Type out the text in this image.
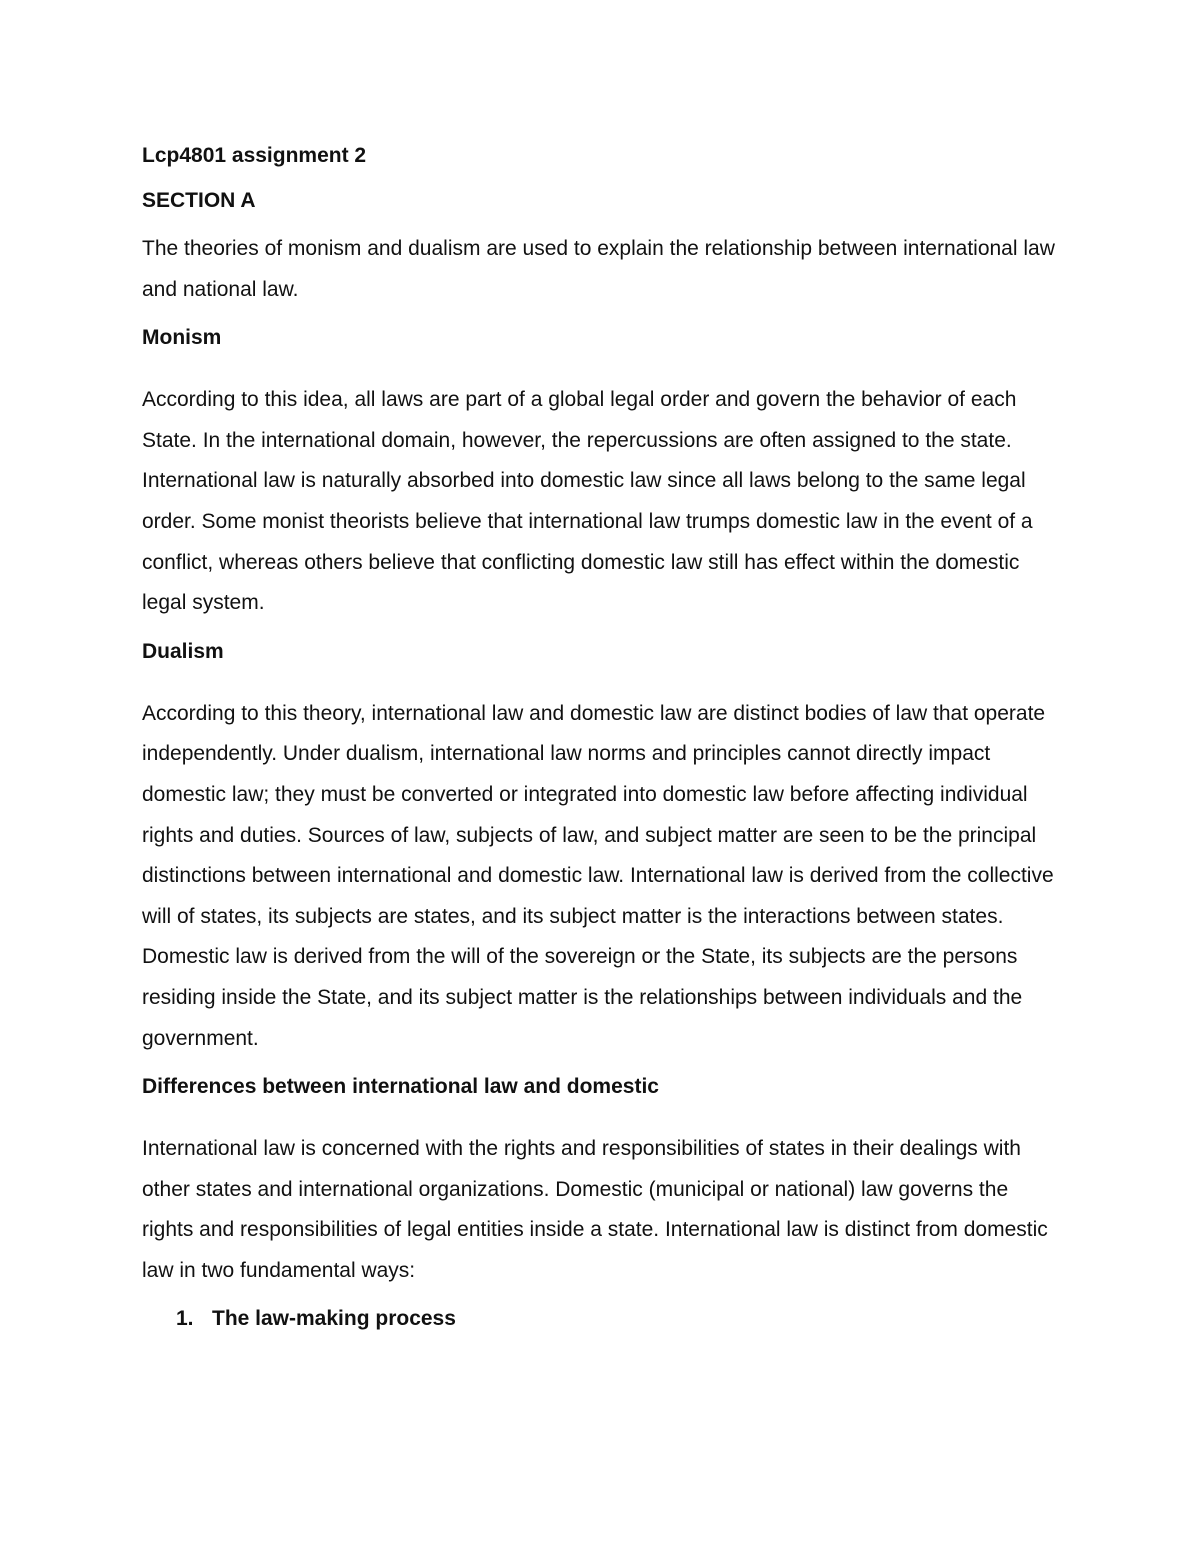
Lcp4801 assignment 2

SECTION A

The theories of monism and dualism are used to explain the relationship between international law and national law.

Monism

According to this idea, all laws are part of a global legal order and govern the behavior of each State. In the international domain, however, the repercussions are often assigned to the state. International law is naturally absorbed into domestic law since all laws belong to the same legal order. Some monist theorists believe that international law trumps domestic law in the event of a conflict, whereas others believe that conflicting domestic law still has effect within the domestic legal system.

Dualism

According to this theory, international law and domestic law are distinct bodies of law that operate independently. Under dualism, international law norms and principles cannot directly impact domestic law; they must be converted or integrated into domestic law before affecting individual rights and duties. Sources of law, subjects of law, and subject matter are seen to be the principal distinctions between international and domestic law. International law is derived from the collective will of states, its subjects are states, and its subject matter is the interactions between states. Domestic law is derived from the will of the sovereign or the State, its subjects are the persons residing inside the State, and its subject matter is the relationships between individuals and the government.

Differences between international law and domestic

International law is concerned with the rights and responsibilities of states in their dealings with other states and international organizations. Domestic (municipal or national) law governs the rights and responsibilities of legal entities inside a state. International law is distinct from domestic law in two fundamental ways:

1. The law-making process
